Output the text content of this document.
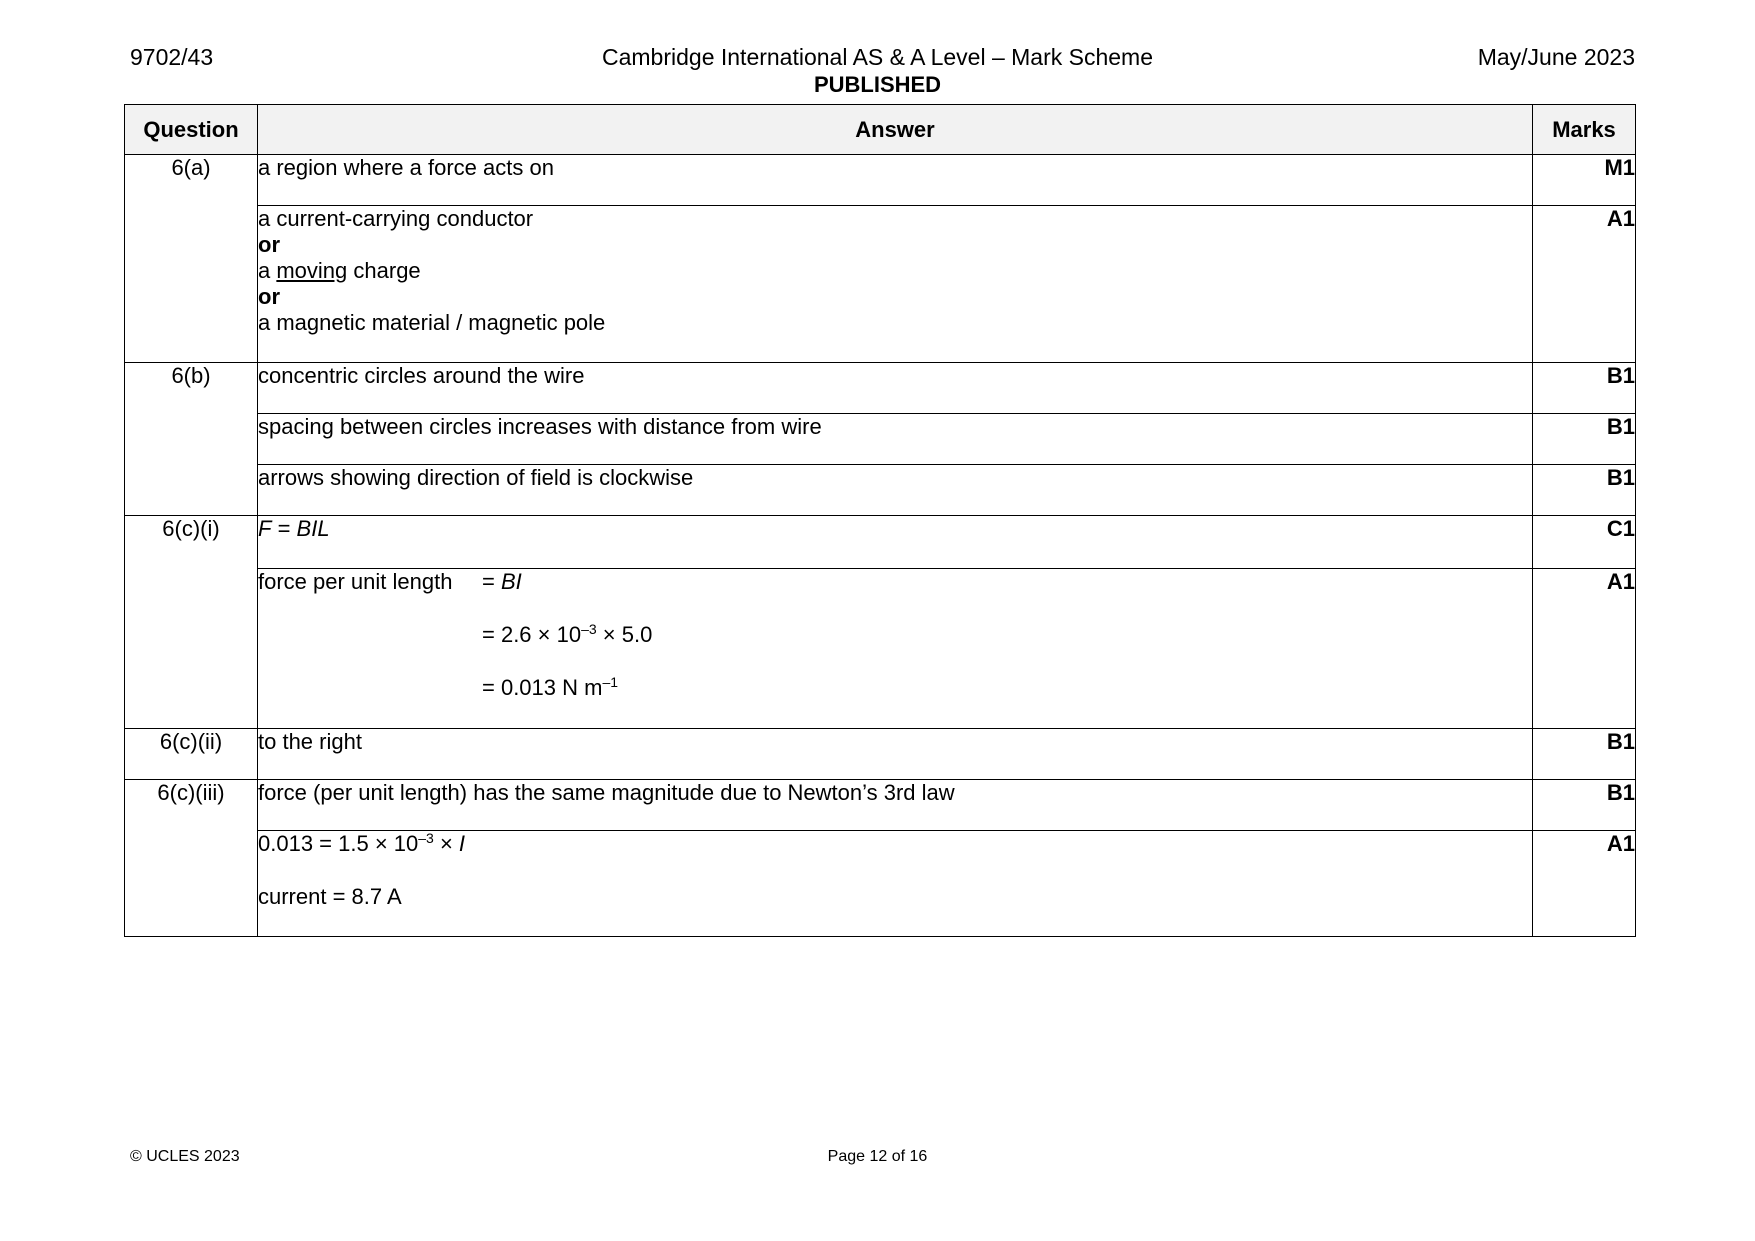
9702/43	Cambridge International AS & A Level – Mark Scheme	May/June 2023
PUBLISHED
Question	Answer	Marks
6(a)	a region where a force acts on	M1

	a current-carrying conductor
or
a moving charge
or
a magnetic material / magnetic pole	A1
6(b)	concentric circles around the wire	B1
	spacing between circles increases with distance from wire	B1
	arrows showing direction of field is clockwise	B1
6(c)(i)	F = BIL	C1

	force per unit length = BI
= $2.6 \times 10^{-3} \times 5.0$
= 0.013 N $m^{-1}$	A1
6(c)(ii)	to the right	B1
6(c)(iii)	force (per unit length) has the same magnitude due to Newton’s 3rd law	B1

	$0.013 = 1.5 \times 10^{-3} \times I$
current = 8.7 A	A1
© UCLES 2023	Page 12 of 16
